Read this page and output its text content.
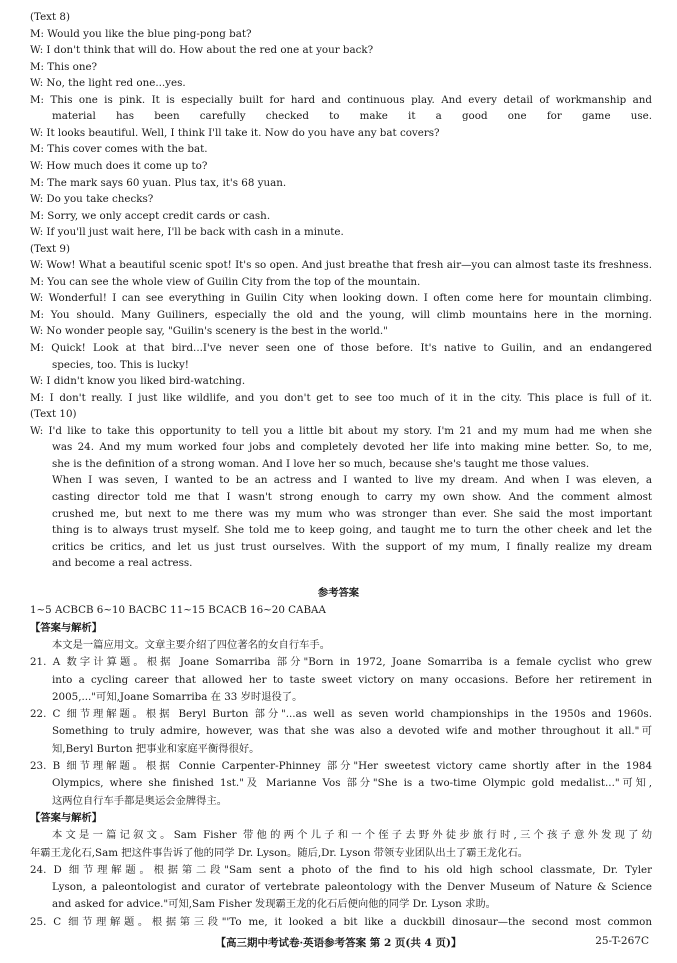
(Text 8)
M: Would you like the blue ping-pong bat?
W: I don't think that will do. How about the red one at your back?
M: This one?
W: No, the light red one...yes.
M: This one is pink. It is especially built for hard and continuous play. And every detail of workmanship and
material has been carefully checked to make it a good one for game use.
W: It looks beautiful. Well, I think I'll take it. Now do you have any bat covers?
M: This cover comes with the bat.
W: How much does it come up to?
M: The mark says 60 yuan. Plus tax, it's 68 yuan.
W: Do you take checks?
M: Sorry, we only accept credit cards or cash.
W: If you'll just wait here, I'll be back with cash in a minute.
(Text 9)
W: Wow! What a beautiful scenic spot! It's so open. And just breathe that fresh air—you can almost taste its freshness.
M: You can see the whole view of Guilin City from the top of the mountain.
W: Wonderful! I can see everything in Guilin City when looking down. I often come here for mountain climbing.
M: You should. Many Guiliners, especially the old and the young, will climb mountains here in the morning.
W: No wonder people say, "Guilin's scenery is the best in the world."
M: Quick! Look at that bird...I've never seen one of those before. It's native to Guilin, and an endangered
species, too. This is lucky!
W: I didn't know you liked bird-watching.
M: I don't really. I just like wildlife, and you don't get to see too much of it in the city. This place is full of it.
(Text 10)
W: I'd like to take this opportunity to tell you a little bit about my story. I'm 21 and my mum had me when she
was 24. And my mum worked four jobs and completely devoted her life into making mine better. So, to me,
she is the definition of a strong woman. And I love her so much, because she's taught me those values.
When I was seven, I wanted to be an actress and I wanted to live my dream. And when I was eleven, a
casting director told me that I wasn't strong enough to carry my own show. And the comment almost
crushed me, but next to me there was my mum who was stronger than ever. She said the most important
thing is to always trust myself. She told me to keep going, and taught me to turn the other cheek and let the
critics be critics, and let us just trust ourselves. With the support of my mum, I finally realize my dream
and become a real actress.
参考答案
1~5 ACBCB 6~10 BACBC 11~15 BCACB 16~20 CABAA
【答案与解析】
本文是一篇应用文。文章主要介绍了四位著名的女自行车手。
21. A 数字计算题。根据 Joane Somarriba 部分"Born in 1972, Joane Somarriba is a female cyclist who grew
into a cycling career that allowed her to taste sweet victory on many occasions. Before her retirement in
2005,..."可知,Joane Somarriba 在 33 岁时退役了。
22. C 细节理解题。根据 Beryl Burton 部分"...as well as seven world championships in the 1950s and 1960s.
Something to truly admire, however, was that she was also a devoted wife and mother throughout it all."可
知,Beryl Burton 把事业和家庭平衡得很好。
23. B 细节理解题。根据 Connie Carpenter-Phinney 部分"Her sweetest victory came shortly after in the 1984
Olympics, where she finished 1st."及 Marianne Vos 部分"She is a two-time Olympic gold medalist..."可知,
这两位自行车手都是奥运会金牌得主。
【答案与解析】
本文是一篇记叙文。Sam Fisher 带他的两个儿子和一个侄子去野外徒步旅行时,三个孩子意外发现了幼
年霸王龙化石,Sam 把这件事告诉了他的同学 Dr. Lyson。随后,Dr. Lyson 带领专业团队出土了霸王龙化石。
24. D 细节理解题。根据第二段"Sam sent a photo of the find to his old high school classmate, Dr. Tyler
Lyson, a paleontologist and curator of vertebrate paleontology with the Denver Museum of Nature & Science
and asked for advice."可知,Sam Fisher 发现霸王龙的化石后便向他的同学 Dr. Lyson 求助。
25. C 细节理解题。根据第三段"'To me, it looked a bit like a duckbill dinosaur—the second most common
【高三期中考试卷·英语参考答案 第 2 页(共 4 页)】	25-T-267C
